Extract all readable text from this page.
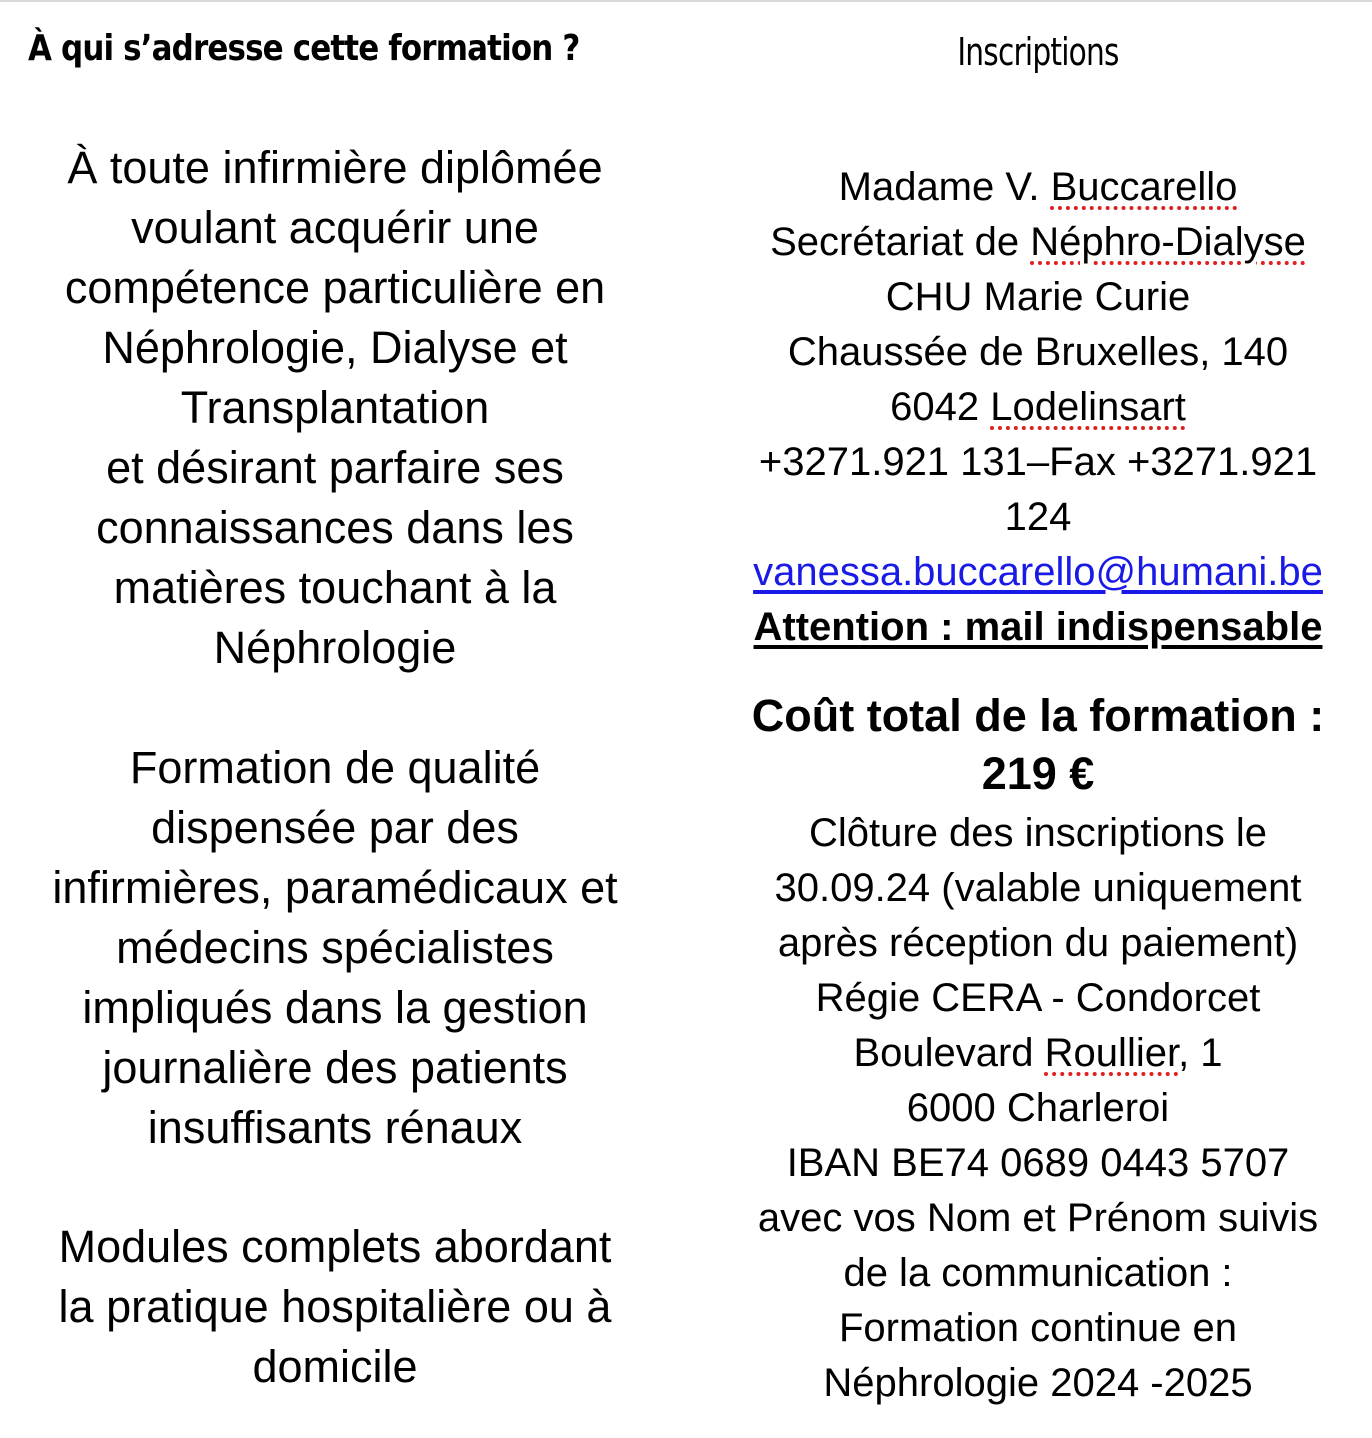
À qui s’adresse cette formation ?

À toute infirmière diplômée

voulant acquérir une

compétence particulière en

Néphrologie, Dialyse et

Transplantation

et désirant parfaire ses

connaissances dans les

matières touchant à la

Néphrologie

Formation de qualité

dispensée par des

infirmières, paramédicaux et

médecins spécialistes

impliqués dans la gestion

journalière des patients

insuffisants rénaux

Modules complets abordant

la pratique hospitalière ou à

domicile

Inscriptions
Madame V. Buccarello
Secrétariat de Néphro-Dialyse
CHU Marie Curie
Chaussée de Bruxelles, 140
6042 Lodelinsart
+3271.921 131–Fax +3271.921
124
vanessa.buccarello@humani.be
Attention : mail indispensable
Coût total de la formation :
219 €
Clôture des inscriptions le
30.09.24 (valable uniquement
après réception du paiement)
Régie CERA - Condorcet
Boulevard Roullier, 1
6000 Charleroi
IBAN BE74 0689 0443 5707
avec vos Nom et Prénom suivis
de la communication :
Formation continue en
Néphrologie 2024 -2025
